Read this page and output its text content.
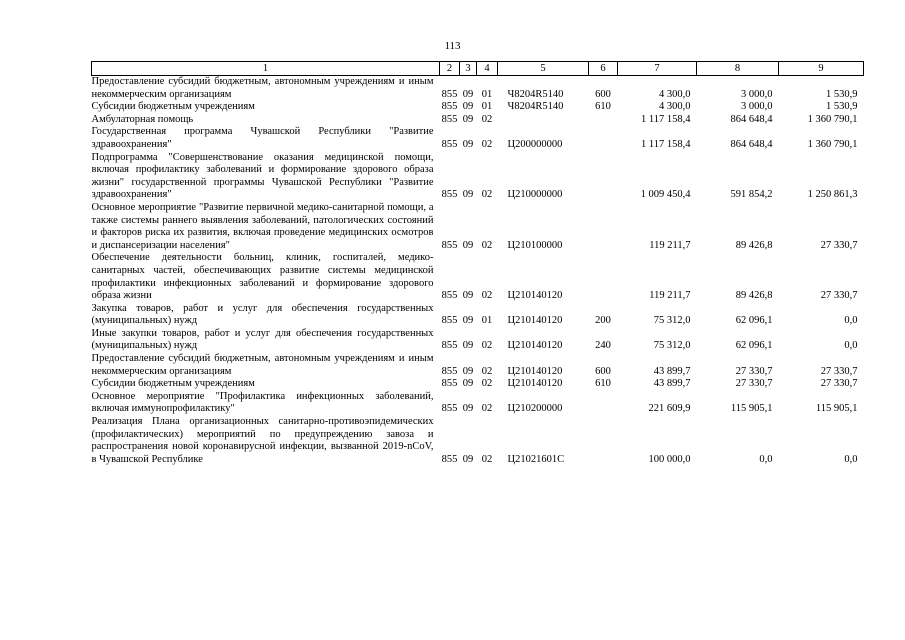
113
1	2	3	4	5	6	7	8	9
Предоставление субсидий бюджетным, автономным учреждениям и иным некоммерческим организациям	855	09	01	Ч8204R5140	600	4 300,0	3 000,0	1 530,9
Субсидии бюджетным учреждениям	855	09	01	Ч8204R5140	610	4 300,0	3 000,0	1 530,9
Амбулаторная помощь	855	09	02			1 117 158,4	864 648,4	1 360 790,1
Государственная программа Чувашской Республики "Развитие здравоохранения"	855	09	02	Ц200000000		1 117 158,4	864 648,4	1 360 790,1
Подпрограмма "Совершенствование оказания медицинской помощи, включая профилактику заболеваний и формирование здорового образа жизни" государственной программы Чувашской Республики "Развитие здравоохранения"	855	09	02	Ц210000000		1 009 450,4	591 854,2	1 250 861,3
Основное мероприятие "Развитие первичной медико-санитарной помощи, а также системы раннего выявления заболеваний, патологических состояний и факторов риска их развития, включая проведение медицинских осмотров и диспансеризации населения"	855	09	02	Ц210100000		119 211,7	89 426,8	27 330,7
Обеспечение деятельности больниц, клиник, госпиталей, медико-санитарных частей, обеспечивающих развитие системы медицинской профилактики инфекционных заболеваний и формирование здорового образа жизни	855	09	02	Ц210140120		119 211,7	89 426,8	27 330,7
Закупка товаров, работ и услуг для обеспечения государственных (муниципальных) нужд	855	09	01	Ц210140120	200	75 312,0	62 096,1	0,0
Иные закупки товаров, работ и услуг для обеспечения государственных (муниципальных) нужд	855	09	02	Ц210140120	240	75 312,0	62 096,1	0,0
Предоставление субсидий бюджетным, автономным учреждениям и иным некоммерческим организациям	855	09	02	Ц210140120	600	43 899,7	27 330,7	27 330,7
Субсидии бюджетным учреждениям	855	09	02	Ц210140120	610	43 899,7	27 330,7	27 330,7
Основное мероприятие "Профилактика инфекционных заболеваний, включая иммунопрофилактику"	855	09	02	Ц210200000		221 609,9	115 905,1	115 905,1
Реализация Плана организационных санитарно-противоэпидемических (профилактических) мероприятий по предупреждению завоза и распространения новой коронавирусной инфекции, вызванной 2019-nCoV, в Чувашской Республике	855	09	02	Ц21021601C		100 000,0	0,0	0,0
